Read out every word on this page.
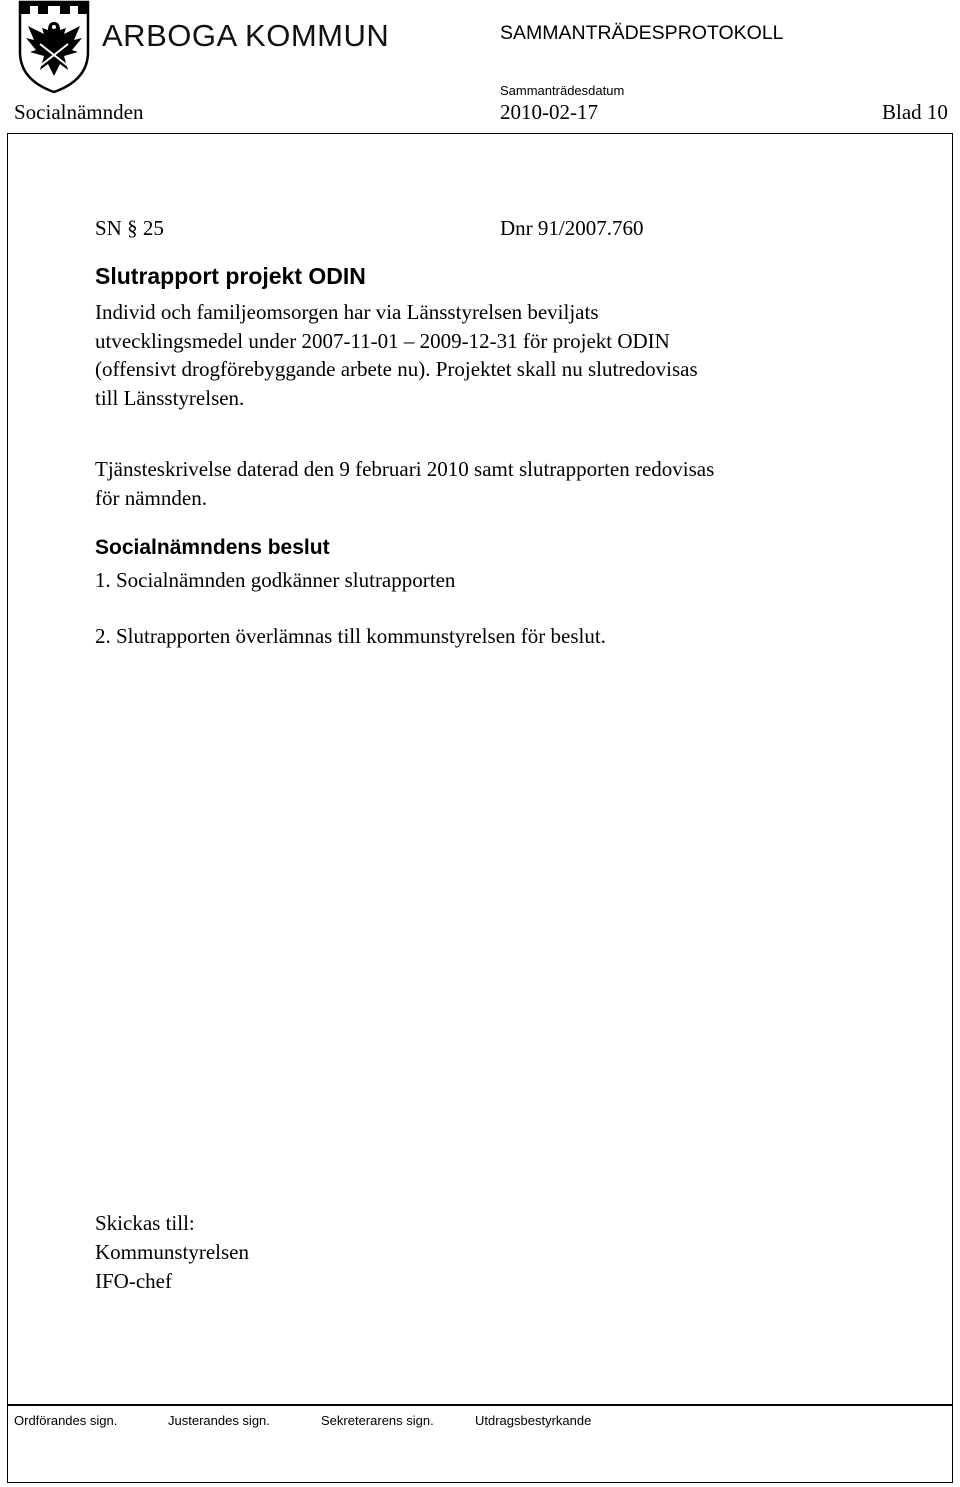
ARBOGA KOMMUN	SAMMANTRÄDESPROTOKOLL
Sammanträdesdatum
Socialnämnden	2010-02-17	Blad 10
SN § 25	Dnr 91/2007.760
Slutrapport projekt ODIN
Individ och familjeomsorgen har via Länsstyrelsen beviljats
utvecklingsmedel under 2007-11-01 – 2009-12-31 för projekt ODIN
(offensivt drogförebyggande arbete nu). Projektet skall nu slutredovisas
till Länsstyrelsen.
Tjänsteskrivelse daterad den 9 februari 2010 samt slutrapporten redovisas
för nämnden.
Socialnämndens beslut
1. Socialnämnden godkänner slutrapporten
2. Slutrapporten överlämnas till kommunstyrelsen för beslut.
Skickas till:
Kommunstyrelsen
IFO-chef
Ordförandes sign.	Justerandes sign.	Sekreterarens sign.	Utdragsbestyrkande
